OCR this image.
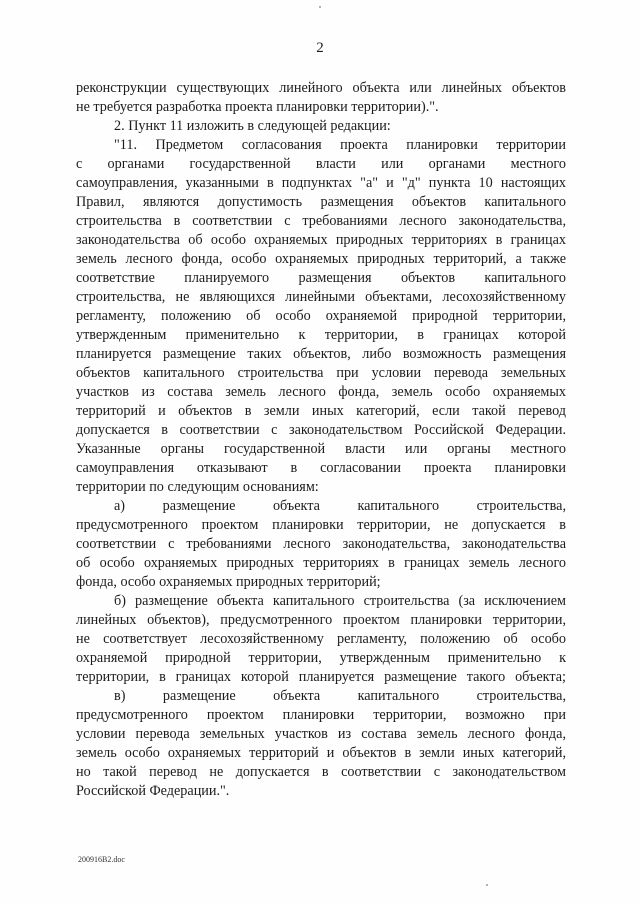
2
реконструкции существующих линейного объекта или линейных объектов
не требуется разработка проекта планировки территории).".
2. Пункт 11 изложить в следующей редакции:
"11. Предметом согласования проекта планировки территории
с органами государственной власти или органами местного
самоуправления, указанными в подпунктах "а" и "д" пункта 10 настоящих
Правил, являются допустимость размещения объектов капитального
строительства в соответствии с требованиями лесного законодательства,
законодательства об особо охраняемых природных территориях в границах
земель лесного фонда, особо охраняемых природных территорий, а также
соответствие планируемого размещения объектов капитального
строительства, не являющихся линейными объектами, лесохозяйственному
регламенту, положению об особо охраняемой природной территории,
утвержденным применительно к территории, в границах которой
планируется размещение таких объектов, либо возможность размещения
объектов капитального строительства при условии перевода земельных
участков из состава земель лесного фонда, земель особо охраняемых
территорий и объектов в земли иных категорий, если такой перевод
допускается в соответствии с законодательством Российской Федерации.
Указанные органы государственной власти или органы местного
самоуправления отказывают в согласовании проекта планировки
территории по следующим основаниям:
а) размещение объекта капитального строительства,
предусмотренного проектом планировки территории, не допускается в
соответствии с требованиями лесного законодательства, законодательства
об особо охраняемых природных территориях в границах земель лесного
фонда, особо охраняемых природных территорий;
б) размещение объекта капитального строительства (за исключением
линейных объектов), предусмотренного проектом планировки территории,
не соответствует лесохозяйственному регламенту, положению об особо
охраняемой природной территории, утвержденным применительно к
территории, в границах которой планируется размещение такого объекта;
в) размещение объекта капитального строительства,
предусмотренного проектом планировки территории, возможно при
условии перевода земельных участков из состава земель лесного фонда,
земель особо охраняемых территорий и объектов в земли иных категорий,
но такой перевод не допускается в соответствии с законодательством
Российской Федерации.".
200916В2.doc
